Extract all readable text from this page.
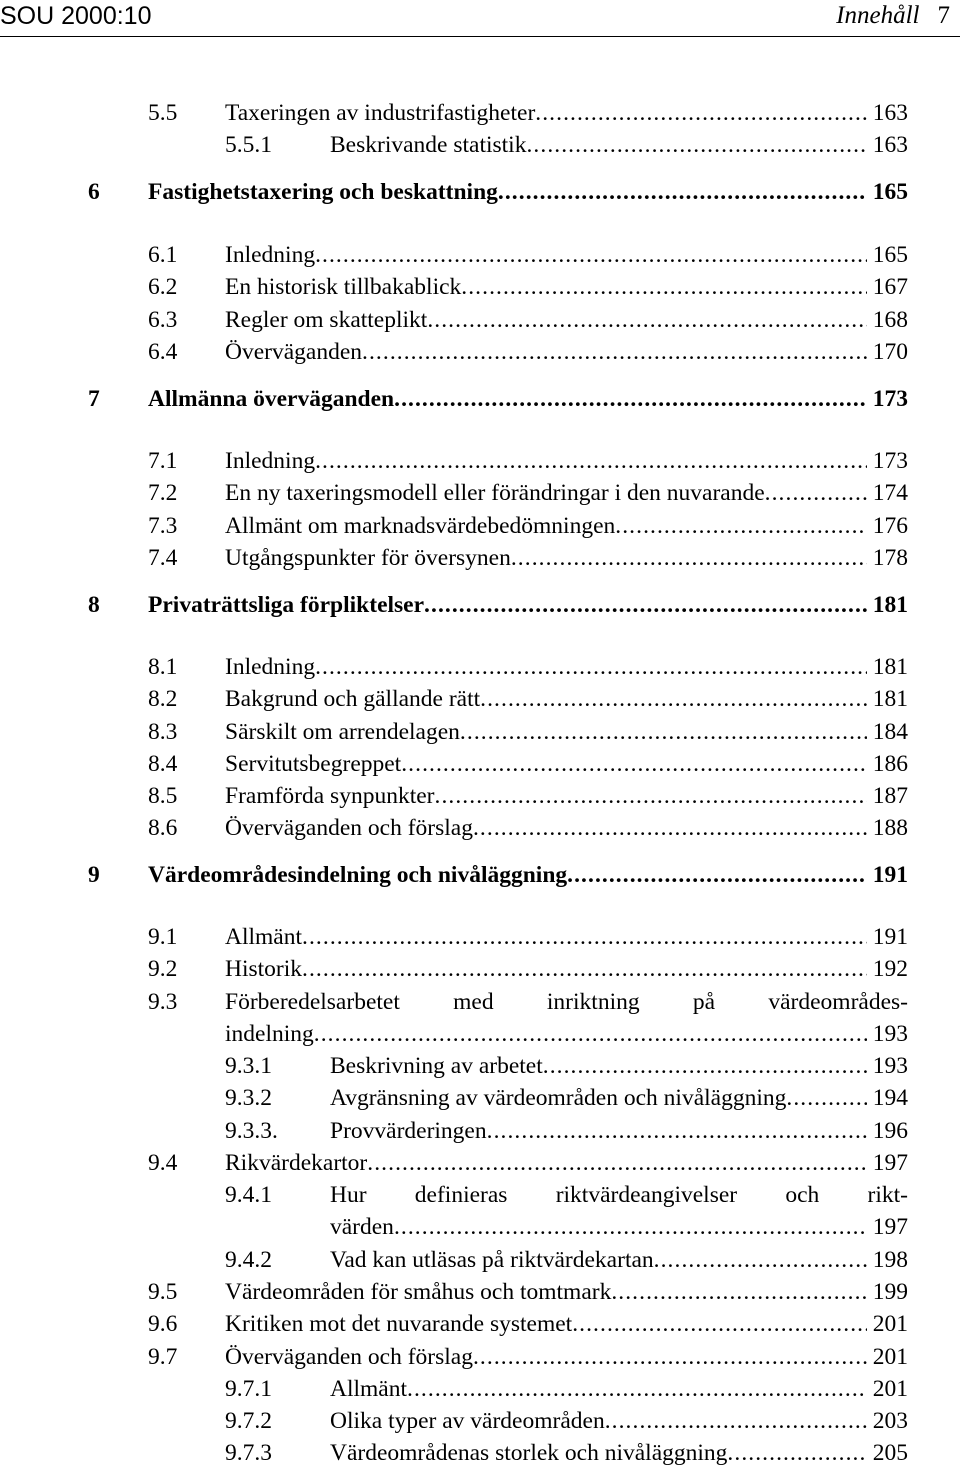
SOU 2000:10	Innehåll 7
5.5 Taxeringen av industrifastigheter . . .	163
5.5.1 Beskrivande statistik . . .	163
6 Fastighetstaxering och beskattning . . .	165
6.1 Inledning . . .	165
6.2 En historisk tillbakablick . . .	167
6.3 Regler om skatteplikt . . .	168
6.4 Överväganden . . .	170
7 Allmänna överväganden . . .	173
7.1 Inledning . . .	173
7.2 En ny taxeringsmodell eller förändringar i den nuvarande . . .	174
7.3 Allmänt om marknadsvärdebedömningen . . .	176
7.4 Utgångspunkter för översynen . . .	178
8 Privaträttsliga förpliktelser . . .	181
8.1 Inledning . . .	181
8.2 Bakgrund och gällande rätt . . .	181
8.3 Särskilt om arrendelagen . . .	184
8.4 Servitutsbegreppet . . .	186
8.5 Framförda synpunkter . . .	187
8.6 Överväganden och förslag . . .	188
9 Värdeområdesindelning och nivåläggning . . .	191
9.1 Allmänt . . .	191
9.2 Historik . . .	192
9.3 Förberedelsarbetet med inriktning på värdeområdes-
indelning . . .	193
9.3.1 Beskrivning av arbetet . . .	193
9.3.2 Avgränsning av värdeområden och nivåläggning . . .	194
9.3.3. Provvärderingen . . .	196
9.4 Rikvärdekartor . . .	197
9.4.1 Hur definieras riktvärdeangivelser och rikt-
värden . . .	197
9.4.2 Vad kan utläsas på riktvärdekartan . . .	198
9.5 Värdeområden för småhus och tomtmark . . .	199
9.6 Kritiken mot det nuvarande systemet . . .	201
9.7 Överväganden och förslag . . .	201
9.7.1 Allmänt . . .	201
9.7.2 Olika typer av värdeområden . . .	203
9.7.3 Värdeområdenas storlek och nivåläggning . . .	205
